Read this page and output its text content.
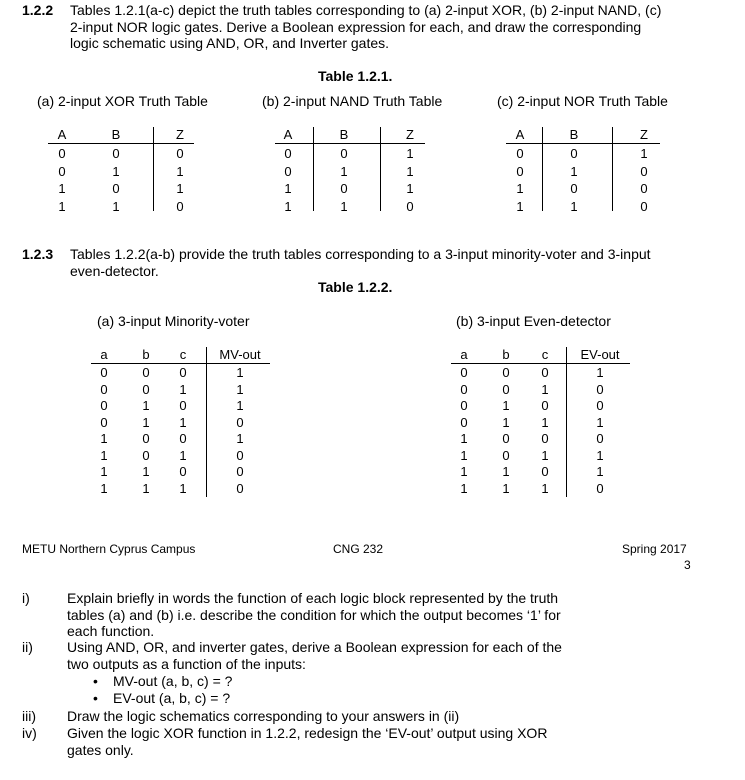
1.2.2 Tables 1.2.1(a-c) depict the truth tables corresponding to (a) 2-input XOR, (b) 2-input NAND, (c)
2-input NOR logic gates. Derive a Boolean expression for each, and draw the corresponding
logic schematic using AND, OR, and Inverter gates.
Table 1.2.1.
(a) 2-input XOR Truth Table
A	B	Z
0	0	0
0	1	1
1	0	1
1	1	0
(b) 2-input NAND Truth Table
A	B	Z
0	0	1
0	1	1
1	0	1
1	1	0
(c) 2-input NOR Truth Table
A	B	Z
0	0	1
0	1	0
1	0	0
1	1	0
1.2.3 Tables 1.2.2(a-b) provide the truth tables corresponding to a 3-input minority-voter and 3-input
even-detector.
Table 1.2.2.
(a) 3-input Minority-voter
a	b	c	MV-out
0	0	0	1
0	0	1	1
0	1	0	1
0	1	1	0
1	0	0	1
1	0	1	0
1	1	0	0
1	1	1	0
(b) 3-input Even-detector
a	b	c	EV-out
0	0	0	1
0	0	1	0
0	1	0	0
0	1	1	1
1	0	0	0
1	0	1	1
1	1	0	1
1	1	1	0
METU Northern Cyprus Campus	CNG 232	Spring 2017
3
i)	Explain briefly in words the function of each logic block represented by the truth
tables (a) and (b) i.e. describe the condition for which the output becomes ‘1’ for
each function.
ii) Using AND, OR, and inverter gates, derive a Boolean expression for each of the
two outputs as a function of the inputs:
• MV-out (a, b, c) = ?
• EV-out (a, b, c) = ?
iii) Draw the logic schematics corresponding to your answers in (ii)
iv) Given the logic XOR function in 1.2.2, redesign the ‘EV-out’ output using XOR
gates only.
